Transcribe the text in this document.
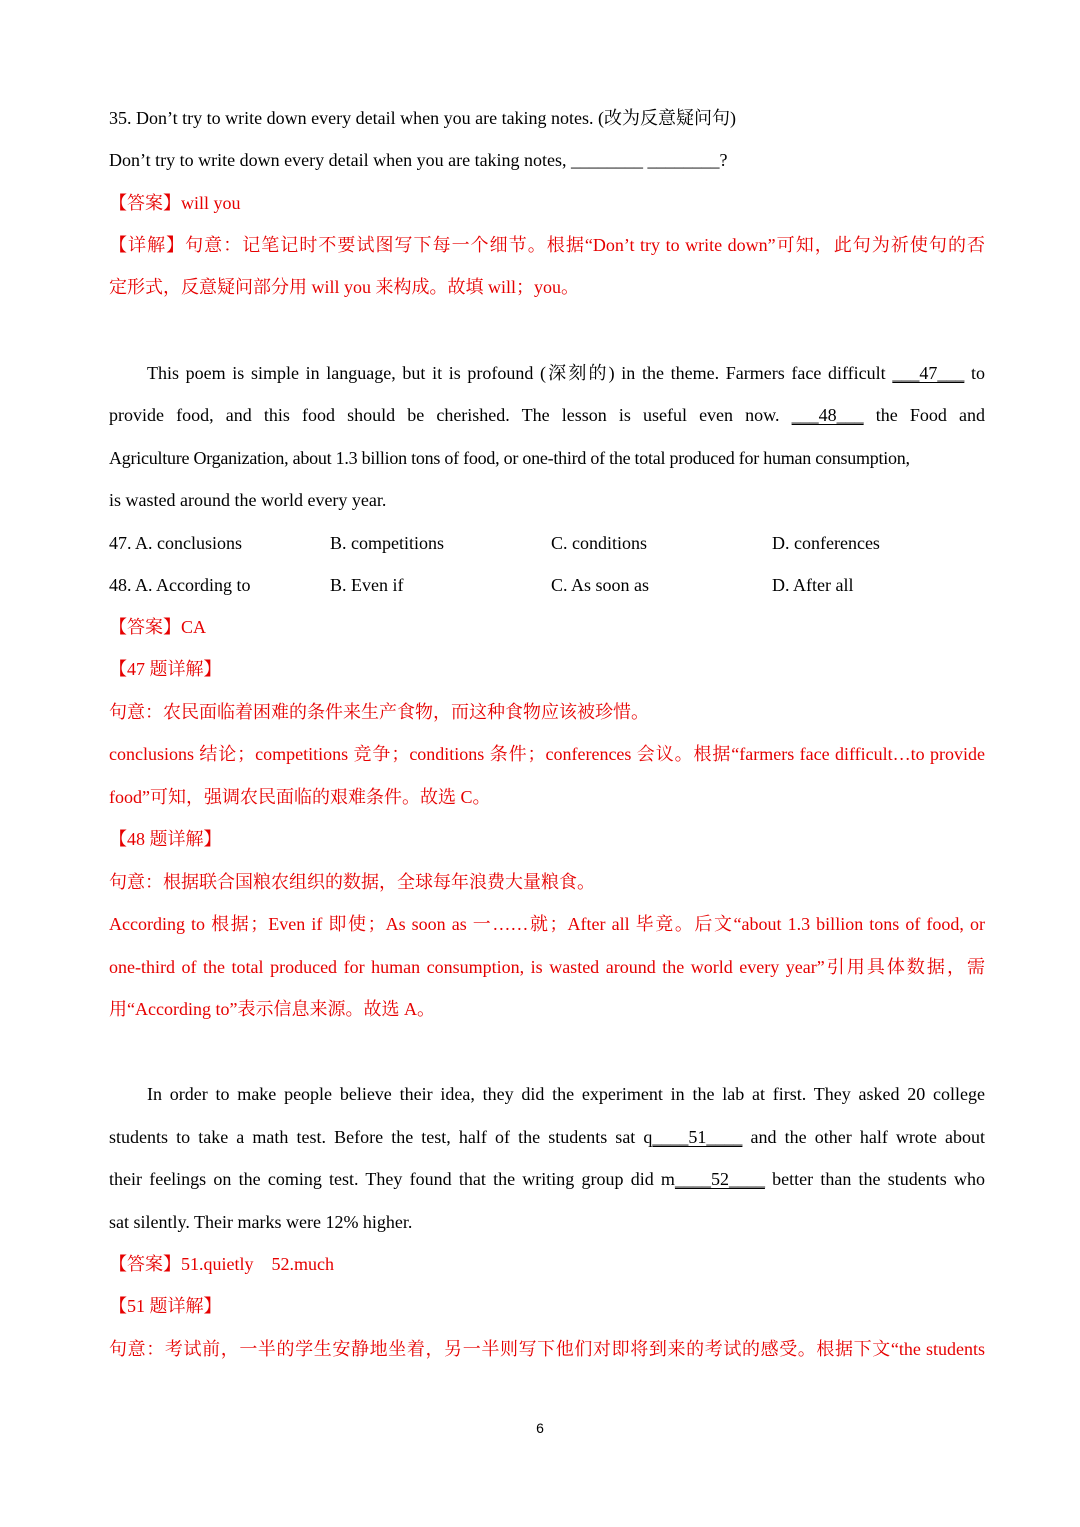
35. Don’t try to write down every detail when you are taking notes. (改为反意疑问句)
Don’t try to write down every detail when you are taking notes, ________ ________?
【答案】will you
【详解】句意：记笔记时不要试图写下每一个细节。根据“Don’t try to write down”可知，此句为祈使句的否
定形式，反意疑问部分用 will you 来构成。故填 will；you。
This poem is simple in language, but it is profound (深刻的) in the theme. Farmers face difficult ___47___ to
provide food, and this food should be cherished. The lesson is useful even now. ___48___ the Food and
Agriculture Organization, about 1.3 billion tons of food, or one-third of the total produced for human consumption,
is wasted around the world every year.
47. A. conclusions	B. competitions	C. conditions	D. conferences
48. A. According to	B. Even if	C. As soon as	D. After all
【答案】CA
【47 题详解】
句意：农民面临着困难的条件来生产食物，而这种食物应该被珍惜。
conclusions 结论；competitions 竞争；conditions 条件；conferences 会议。根据“farmers face difficult…to provide
food”可知，强调农民面临的艰难条件。故选 C。
【48 题详解】
句意：根据联合国粮农组织的数据，全球每年浪费大量粮食。
According to 根据；Even if 即使；As soon as 一……就；After all 毕竟。后文“about 1.3 billion tons of food, or
one-third of the total produced for human consumption, is wasted around the world every year”引用具体数据，需
用“According to”表示信息来源。故选 A。
In order to make people believe their idea, they did the experiment in the lab at first. They asked 20 college
students to take a math test. Before the test, half of the students sat q____51____ and the other half wrote about
their feelings on the coming test. They found that the writing group did m____52____ better than the students who
sat silently. Their marks were 12% higher.
【答案】51.quietly    52.much
【51 题详解】
句意：考试前，一半的学生安静地坐着，另一半则写下他们对即将到来的考试的感受。根据下文“the students
6
